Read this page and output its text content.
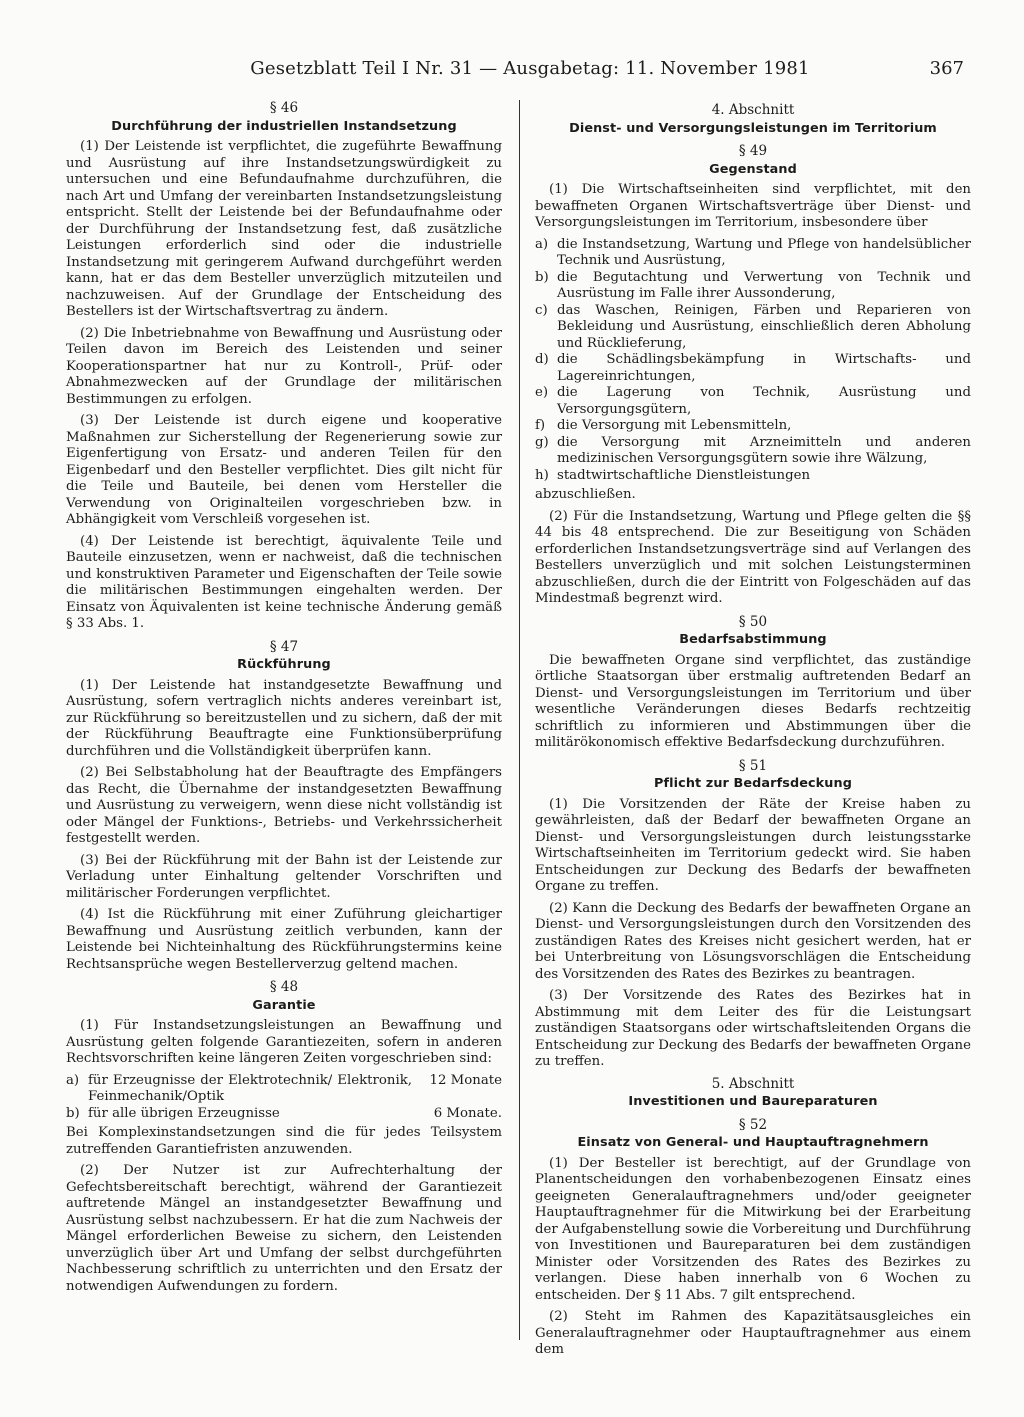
Gesetzblatt Teil I Nr. 31 — Ausgabetag: 11. November 1981	367
§ 46
Durchführung der industriellen Instandsetzung

(1) Der Leistende ist verpflichtet, die zugeführte Bewaffnung und Ausrüstung auf ihre Instandsetzungswürdigkeit zu untersuchen und eine Befundaufnahme durchzuführen, die nach Art und Umfang der vereinbarten Instandsetzungsleistung entspricht. Stellt der Leistende bei der Befundaufnahme oder der Durchführung der Instandsetzung fest, daß zusätzliche Leistungen erforderlich sind oder die industrielle Instandsetzung mit geringerem Aufwand durchgeführt werden kann, hat er das dem Besteller unverzüglich mitzuteilen und nachzuweisen. Auf der Grundlage der Entscheidung des Bestellers ist der Wirtschaftsvertrag zu ändern.

(2) Die Inbetriebnahme von Bewaffnung und Ausrüstung oder Teilen davon im Bereich des Leistenden und seiner Kooperationspartner hat nur zu Kontroll-, Prüf- oder Abnahmezwecken auf der Grundlage der militärischen Bestimmungen zu erfolgen.

(3) Der Leistende ist durch eigene und kooperative Maßnahmen zur Sicherstellung der Regenerierung sowie zur Eigenfertigung von Ersatz- und anderen Teilen für den Eigenbedarf und den Besteller verpflichtet. Dies gilt nicht für die Teile und Bauteile, bei denen vom Hersteller die Verwendung von Originalteilen vorgeschrieben bzw. in Abhängigkeit vom Verschleiß vorgesehen ist.

(4) Der Leistende ist berechtigt, äquivalente Teile und Bauteile einzusetzen, wenn er nachweist, daß die technischen und konstruktiven Parameter und Eigenschaften der Teile sowie die militärischen Bestimmungen eingehalten werden. Der Einsatz von Äquivalenten ist keine technische Änderung gemäß § 33 Abs. 1.

§ 47
Rückführung

(1) Der Leistende hat instandgesetzte Bewaffnung und Ausrüstung, sofern vertraglich nichts anderes vereinbart ist, zur Rückführung so bereitzustellen und zu sichern, daß der mit der Rückführung Beauftragte eine Funktionsüberprüfung durchführen und die Vollständigkeit überprüfen kann.

(2) Bei Selbstabholung hat der Beauftragte des Empfängers das Recht, die Übernahme der instandgesetzten Bewaffnung und Ausrüstung zu verweigern, wenn diese nicht vollständig ist oder Mängel der Funktions-, Betriebs- und Verkehrssicherheit festgestellt werden.

(3) Bei der Rückführung mit der Bahn ist der Leistende zur Verladung unter Einhaltung geltender Vorschriften und militärischer Forderungen verpflichtet.

(4) Ist die Rückführung mit einer Zuführung gleichartiger Bewaffnung und Ausrüstung zeitlich verbunden, kann der Leistende bei Nichteinhaltung des Rückführungstermins keine Rechtsansprüche wegen Bestellerverzug geltend machen.

§ 48
Garantie

(1) Für Instandsetzungsleistungen an Bewaffnung und Ausrüstung gelten folgende Garantiezeiten, sofern in anderen Rechtsvorschriften keine längeren Zeiten vorgeschrieben sind:

a) für Erzeugnisse der Elektrotechnik/ Elektronik, Feinmechanik/Optik
12 Monate
b) für alle übrigen Erzeugnisse	6 Monate.

Bei Komplexinstandsetzungen sind die für jedes Teilsystem zutreffenden Garantiefristen anzuwenden.

(2) Der Nutzer ist zur Aufrechterhaltung der Gefechtsbereitschaft berechtigt, während der Garantiezeit auftretende Mängel an instandgesetzter Bewaffnung und Ausrüstung selbst nachzubessern. Er hat die zum Nachweis der Mängel erforderlichen Beweise zu sichern, den Leistenden unverzüglich über Art und Umfang der selbst durchgeführten Nachbesserung schriftlich zu unterrichten und den Ersatz der notwendigen Aufwendungen zu fordern.

4. Abschnitt
Dienst- und Versorgungsleistungen im Territorium
§ 49
Gegenstand

(1) Die Wirtschaftseinheiten sind verpflichtet, mit den bewaffneten Organen Wirtschaftsverträge über Dienst- und Versorgungsleistungen im Territorium, insbesondere über

a) die Instandsetzung, Wartung und Pflege von handelsüblicher Technik und Ausrüstung,
b) die Begutachtung und Verwertung von Technik und Ausrüstung im Falle ihrer Aussonderung,
c) das Waschen, Reinigen, Färben und Reparieren von Bekleidung und Ausrüstung, einschließlich deren Abholung und Rücklieferung,
d) die Schädlingsbekämpfung in Wirtschafts- und Lagereinrichtungen,
e) die Lagerung von Technik, Ausrüstung und Versorgungsgütern,
f) die Versorgung mit Lebensmitteln,
g) die Versorgung mit Arzneimitteln und anderen medizinischen Versorgungsgütern sowie ihre Wälzung,
h) stadtwirtschaftliche Dienstleistungen

abzuschließen.

(2) Für die Instandsetzung, Wartung und Pflege gelten die §§ 44 bis 48 entsprechend. Die zur Beseitigung von Schäden erforderlichen Instandsetzungsverträge sind auf Verlangen des Bestellers unverzüglich und mit solchen Leistungsterminen abzuschließen, durch die der Eintritt von Folgeschäden auf das Mindestmaß begrenzt wird.

§ 50
Bedarfsabstimmung

Die bewaffneten Organe sind verpflichtet, das zuständige örtliche Staatsorgan über erstmalig auftretenden Bedarf an Dienst- und Versorgungsleistungen im Territorium und über wesentliche Veränderungen dieses Bedarfs rechtzeitig schriftlich zu informieren und Abstimmungen über die militärökonomisch effektive Bedarfsdeckung durchzuführen.

§ 51
Pflicht zur Bedarfsdeckung

(1) Die Vorsitzenden der Räte der Kreise haben zu gewährleisten, daß der Bedarf der bewaffneten Organe an Dienst- und Versorgungsleistungen durch leistungsstarke Wirtschaftseinheiten im Territorium gedeckt wird. Sie haben Entscheidungen zur Deckung des Bedarfs der bewaffneten Organe zu treffen.

(2) Kann die Deckung des Bedarfs der bewaffneten Organe an Dienst- und Versorgungsleistungen durch den Vorsitzenden des zuständigen Rates des Kreises nicht gesichert werden, hat er bei Unterbreitung von Lösungsvorschlägen die Entscheidung des Vorsitzenden des Rates des Bezirkes zu beantragen.

(3) Der Vorsitzende des Rates des Bezirkes hat in Abstimmung mit dem Leiter des für die Leistungsart zuständigen Staatsorgans oder wirtschaftsleitenden Organs die Entscheidung zur Deckung des Bedarfs der bewaffneten Organe zu treffen.

5. Abschnitt
Investitionen und Baureparaturen
§ 52
Einsatz von General- und Hauptauftragnehmern

(1) Der Besteller ist berechtigt, auf der Grundlage von Planentscheidungen den vorhabenbezogenen Einsatz eines geeigneten Generalauftragnehmers und/oder geeigneter Hauptauftragnehmer für die Mitwirkung bei der Erarbeitung der Aufgabenstellung sowie die Vorbereitung und Durchführung von Investitionen und Baureparaturen bei dem zuständigen Minister oder Vorsitzenden des Rates des Bezirkes zu verlangen. Diese haben innerhalb von 6 Wochen zu entscheiden. Der § 11 Abs. 7 gilt entsprechend.

(2) Steht im Rahmen des Kapazitätsausgleiches ein Generalauftragnehmer oder Hauptauftragnehmer aus einem dem
